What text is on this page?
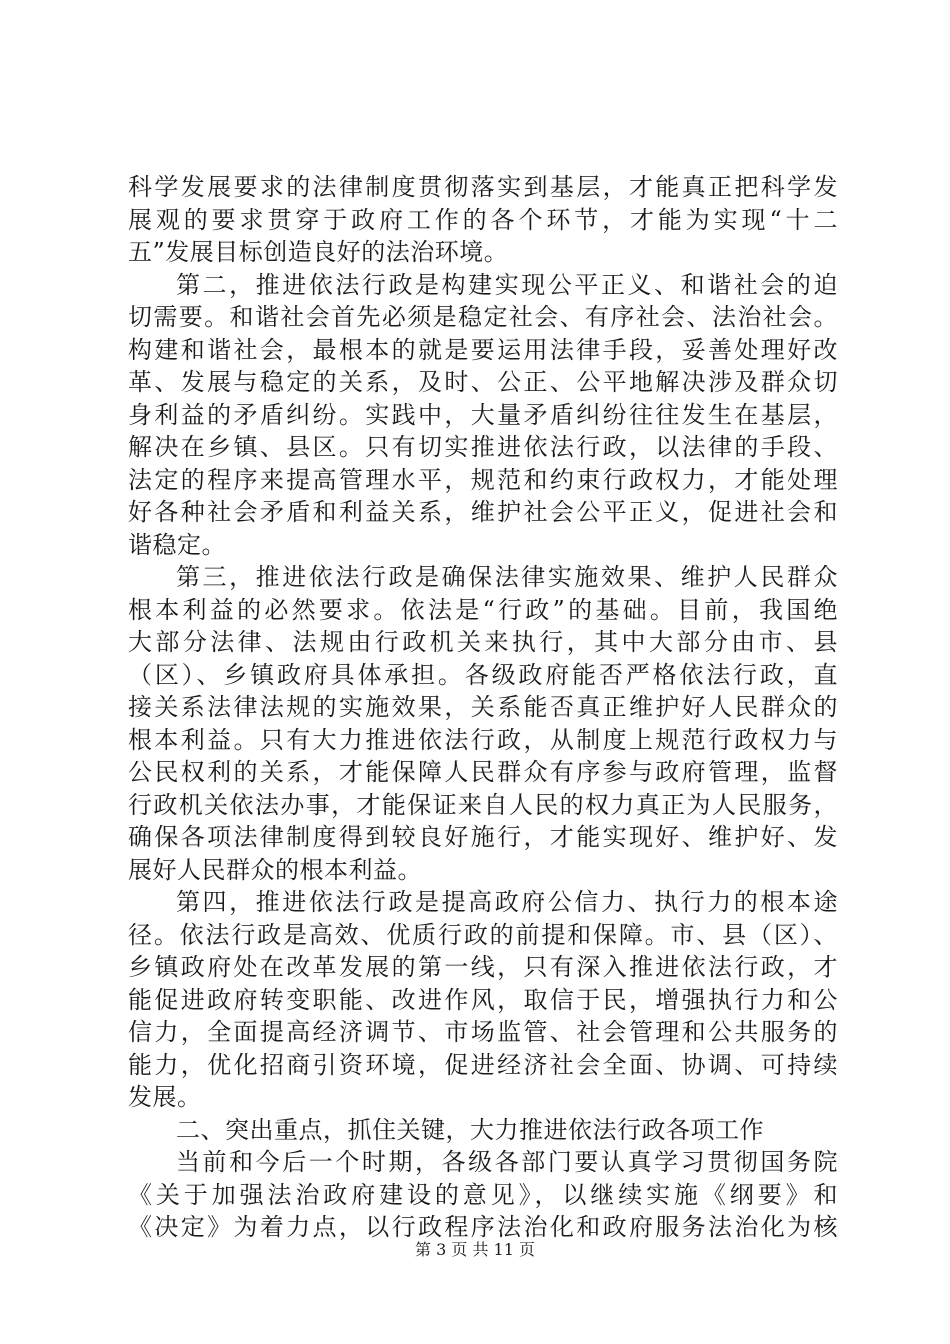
科学发展要求的法律制度贯彻落实到基层，才能真正把科学发
展观的要求贯穿于政府工作的各个环节，才能为实现“十二
五”发展目标创造良好的法治环境。
第二，推进依法行政是构建实现公平正义、和谐社会的迫
切需要。和谐社会首先必须是稳定社会、有序社会、法治社会。
构建和谐社会，最根本的就是要运用法律手段，妥善处理好改
革、发展与稳定的关系，及时、公正、公平地解决涉及群众切
身利益的矛盾纠纷。实践中，大量矛盾纠纷往往发生在基层，
解决在乡镇、县区。只有切实推进依法行政，以法律的手段、
法定的程序来提高管理水平，规范和约束行政权力，才能处理
好各种社会矛盾和利益关系，维护社会公平正义，促进社会和
谐稳定。
第三，推进依法行政是确保法律实施效果、维护人民群众
根本利益的必然要求。依法是“行政”的基础。目前，我国绝
大部分法律、法规由行政机关来执行，其中大部分由市、县
（区）、乡镇政府具体承担。各级政府能否严格依法行政，直
接关系法律法规的实施效果，关系能否真正维护好人民群众的
根本利益。只有大力推进依法行政，从制度上规范行政权力与
公民权利的关系，才能保障人民群众有序参与政府管理，监督
行政机关依法办事，才能保证来自人民的权力真正为人民服务，
确保各项法律制度得到较良好施行，才能实现好、维护好、发
展好人民群众的根本利益。
第四，推进依法行政是提高政府公信力、执行力的根本途
径。依法行政是高效、优质行政的前提和保障。市、县（区）、
乡镇政府处在改革发展的第一线，只有深入推进依法行政，才
能促进政府转变职能、改进作风，取信于民，增强执行力和公
信力，全面提高经济调节、市场监管、社会管理和公共服务的
能力，优化招商引资环境，促进经济社会全面、协调、可持续
发展。
二、突出重点，抓住关键，大力推进依法行政各项工作
当前和今后一个时期，各级各部门要认真学习贯彻国务院
《关于加强法治政府建设的意见》，以继续实施《纲要》和
《决定》为着力点，以行政程序法治化和政府服务法治化为核
第 3 页 共 11 页
